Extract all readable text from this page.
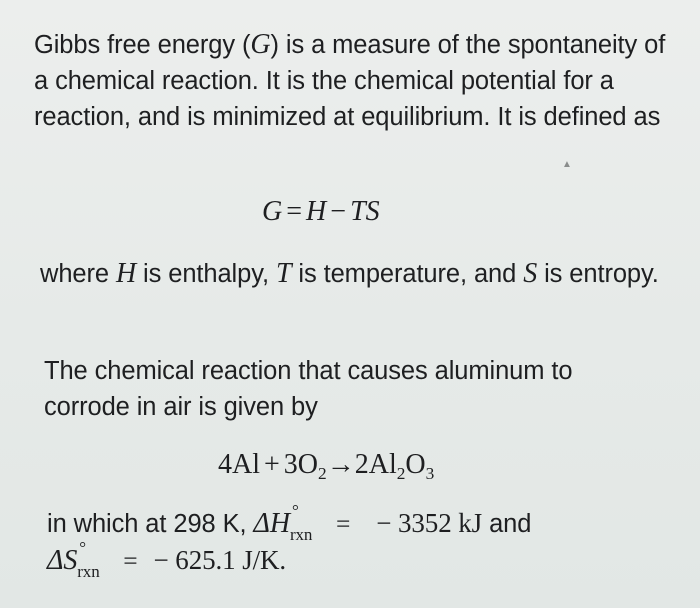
Gibbs free energy (G) is a measure of the spontaneity of a chemical reaction. It is the chemical potential for a reaction, and is minimized at equilibrium. It is defined as

▲
G = H − TS

where H is enthalpy, T is temperature, and S is entropy.

The chemical reaction that causes aluminum to corrode in air is given by

$4Al + 3O_2\to 2Al_2O_3$

in which at 298 K, ΔH °
rxn = − 3352 kJ and
ΔS °
rxn = − 625.1 J/K.
